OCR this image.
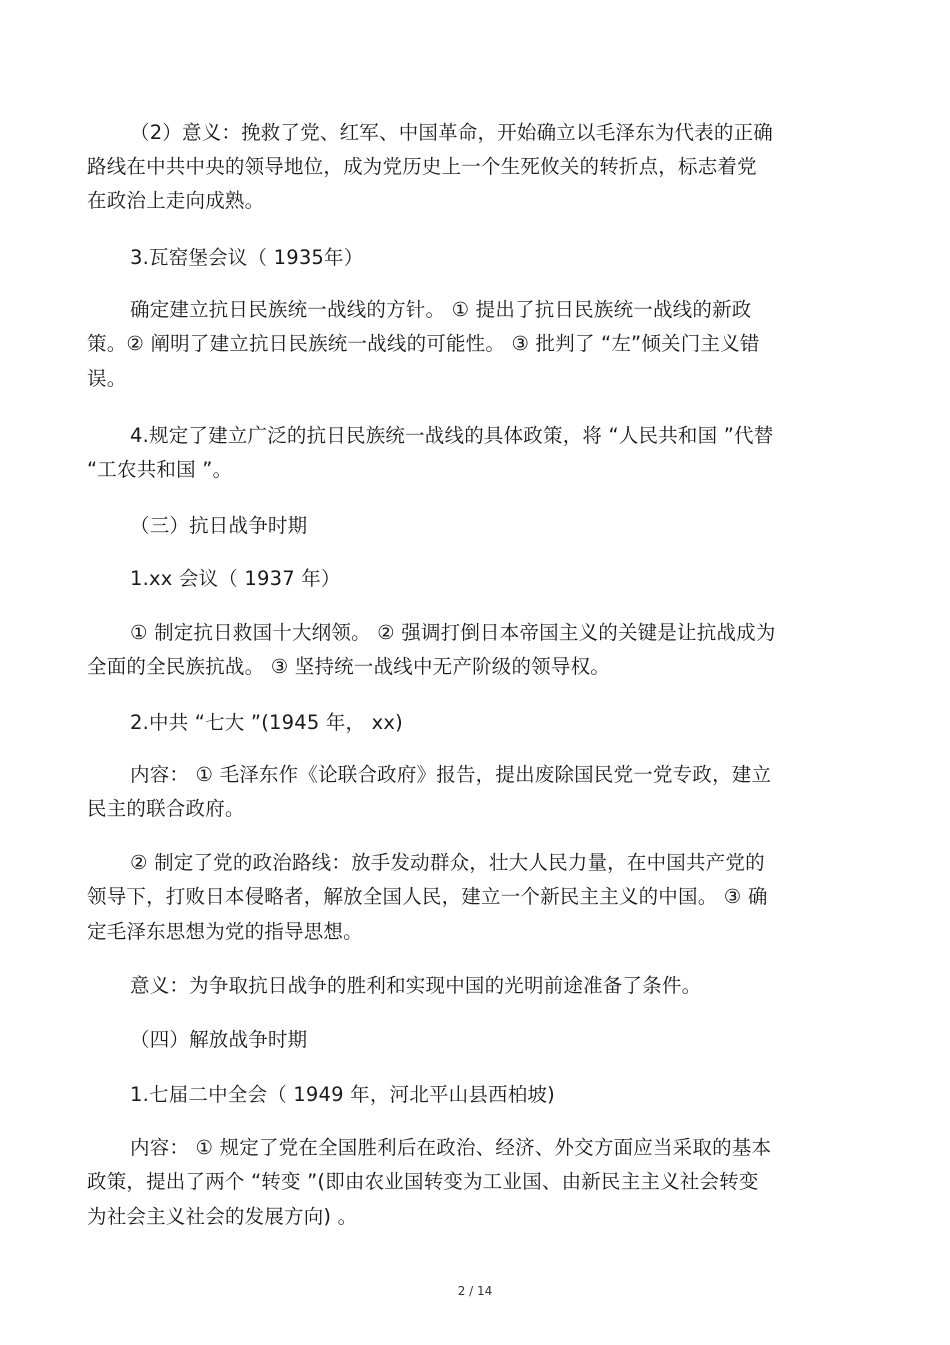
（2）意义：挽救了党、红军、中国革命，开始确立以毛泽东为代表的正确
路线在中共中央的领导地位，成为党历史上一个生死攸关的转折点，标志着党
在政治上走向成熟。
3.瓦窑堡会议（ 1935年）
确定建立抗日民族统一战线的方针。 ① 提出了抗日民族统一战线的新政
策。② 阐明了建立抗日民族统一战线的可能性。 ③ 批判了 “左”倾关门主义错
误。
4.规定了建立广泛的抗日民族统一战线的具体政策，将 “人民共和国 ”代替
“工农共和国 ”。
（三）抗日战争时期
1.xx 会议（ 1937 年）
① 制定抗日救国十大纲领。 ② 强调打倒日本帝国主义的关键是让抗战成为
全面的全民族抗战。 ③ 坚持统一战线中无产阶级的领导权。
2.中共 “七大 ”(1945 年， xx)
内容： ① 毛泽东作《论联合政府》报告，提出废除国民党一党专政，建立
民主的联合政府。
② 制定了党的政治路线：放手发动群众，壮大人民力量，在中国共产党的
领导下，打败日本侵略者，解放全国人民，建立一个新民主主义的中国。 ③ 确
定毛泽东思想为党的指导思想。
意义：为争取抗日战争的胜利和实现中国的光明前途准备了条件。
（四）解放战争时期
1.七届二中全会（ 1949 年，河北平山县西柏坡)
内容： ① 规定了党在全国胜利后在政治、经济、外交方面应当采取的基本
政策，提出了两个 “转变 ”(即由农业国转变为工业国、由新民主主义社会转变
为社会主义社会的发展方向) 。
2 / 14
